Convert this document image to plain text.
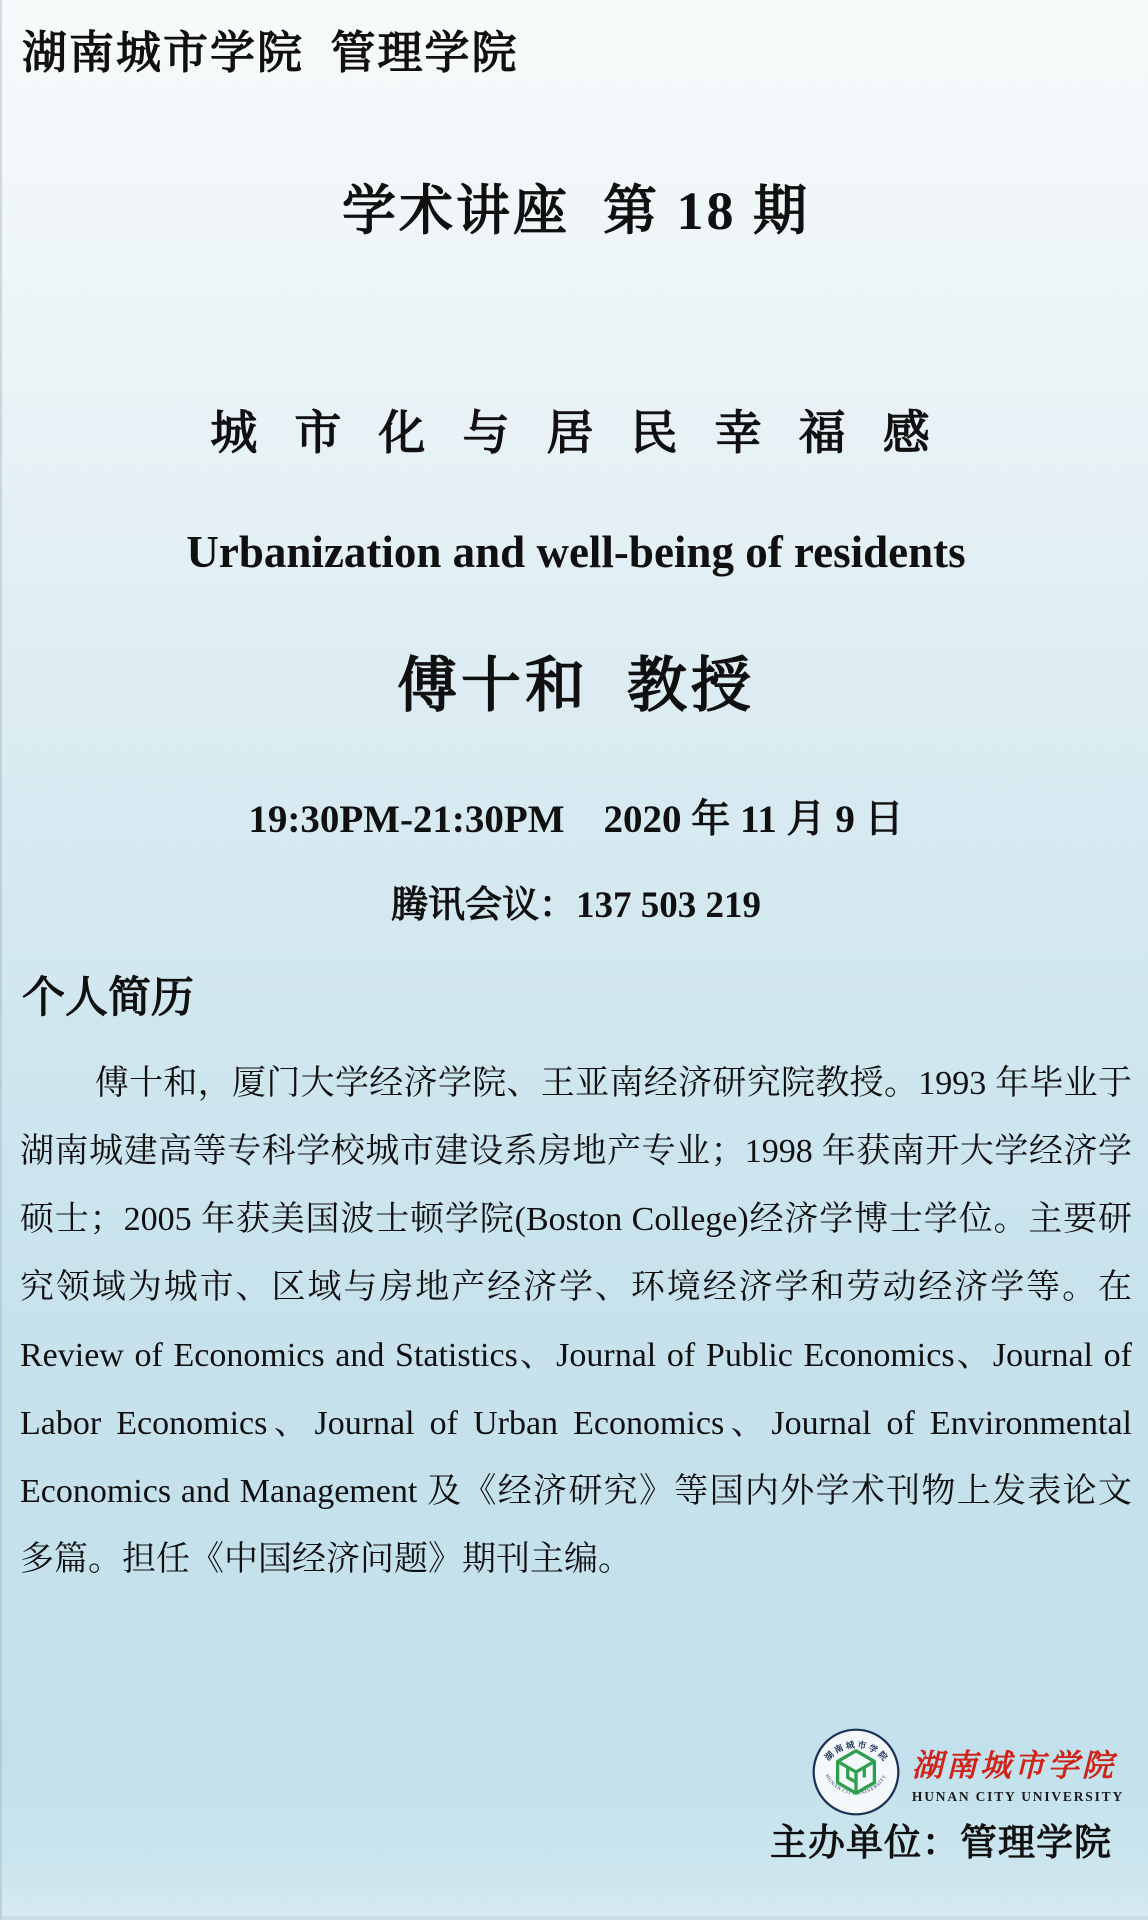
湖南城市学院  管理学院
学术讲座  第 18 期
城 市 化 与 居 民 幸 福 感
Urbanization and well-being of residents
傅十和  教授
19:30PM-21:30PM    2020 年 11 月 9 日
腾讯会议：137 503 219
个人简历
傅十和，厦门大学经济学院、王亚南经济研究院教授。1993 年毕业于湖南城建高等专科学校城市建设系房地产专业；1998 年获南开大学经济学硕士；2005 年获美国波士顿学院(Boston College)经济学博士学位。主要研究领域为城市、区域与房地产经济学、环境经济学和劳动经济学等。在 Review of Economics and Statistics、Journal of Public Economics、Journal of Labor Economics、Journal of Urban Economics、Journal of Environmental Economics and Management 及《经济研究》等国内外学术刊物上发表论文多篇。担任《中国经济问题》期刊主编。
湖 南 城 市 学 院
HUNAN CITY UNIVERSITY 湖南城市学院
HUNAN CITY UNIVERSITY
主办单位：管理学院
